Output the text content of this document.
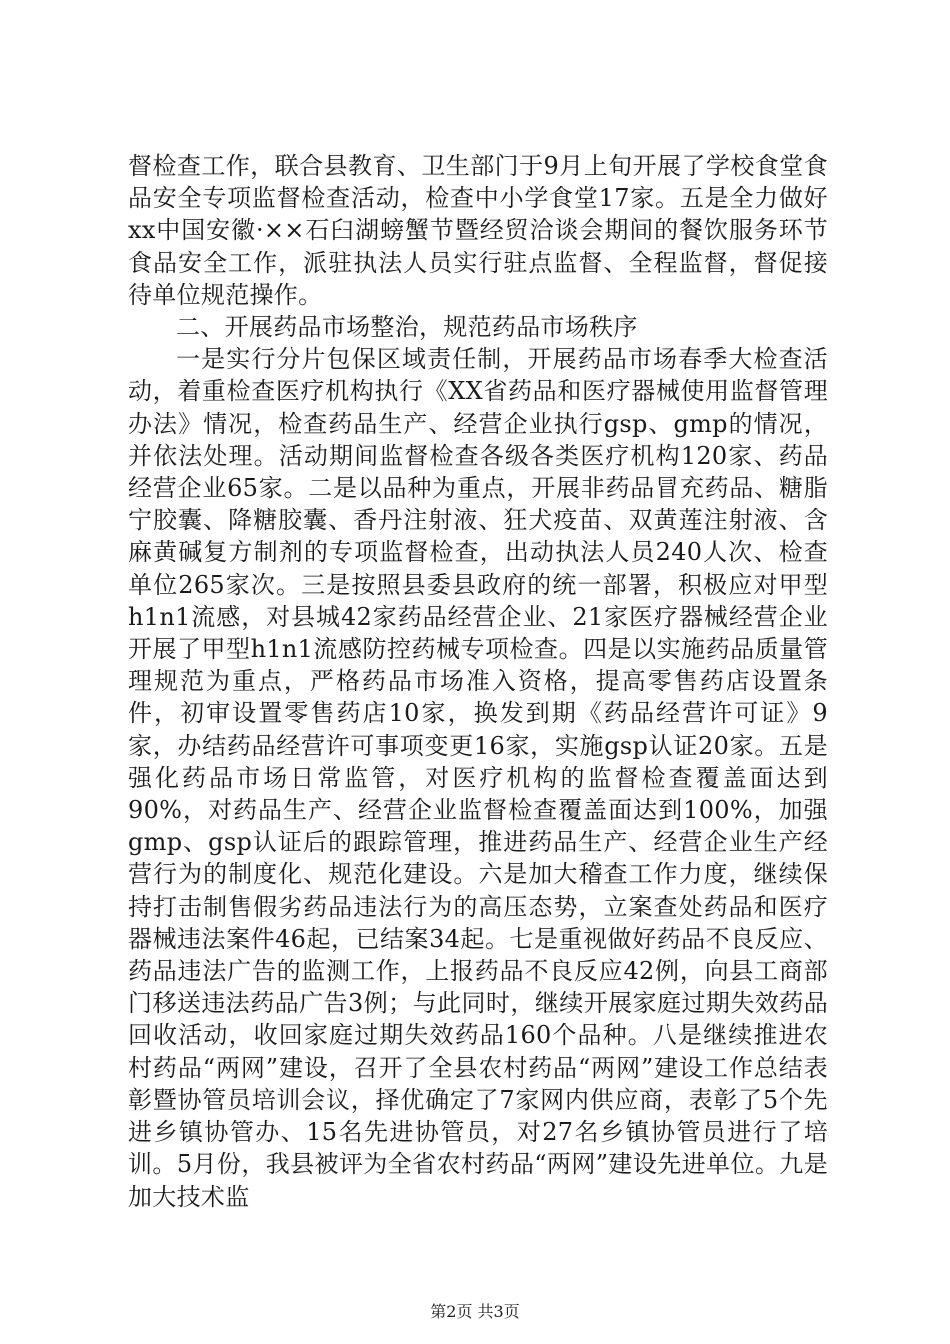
督检查工作，联合县教育、卫生部门于9月上旬开展了学校食堂食品安全专项监督检查活动，检查中小学食堂17家。五是全力做好xx中国安徽·××石臼湖螃蟹节暨经贸洽谈会期间的餐饮服务环节食品安全工作，派驻执法人员实行驻点监督、全程监督，督促接待单位规范操作。

二、开展药品市场整治，规范药品市场秩序

一是实行分片包保区域责任制，开展药品市场春季大检查活动，着重检查医疗机构执行《XX省药品和医疗器械使用监督管理办法》情况，检查药品生产、经营企业执行gsp、gmp的情况，并依法处理。活动期间监督检查各级各类医疗机构120家、药品经营企业65家。二是以品种为重点，开展非药品冒充药品、糖脂宁胶囊、降糖胶囊、香丹注射液、狂犬疫苗、双黄莲注射液、含麻黄碱复方制剂的专项监督检查，出动执法人员240人次、检查单位265家次。三是按照县委县政府的统一部署，积极应对甲型h1n1流感，对县城42家药品经营企业、21家医疗器械经营企业开展了甲型h1n1流感防控药械专项检查。四是以实施药品质量管理规范为重点，严格药品市场准入资格，提高零售药店设置条件，初审设置零售药店10家，换发到期《药品经营许可证》9家，办结药品经营许可事项变更16家，实施gsp认证20家。五是强化药品市场日常监管，对医疗机构的监督检查覆盖面达到90%，对药品生产、经营企业监督检查覆盖面达到100%，加强gmp、gsp认证后的跟踪管理，推进药品生产、经营企业生产经营行为的制度化、规范化建设。六是加大稽查工作力度，继续保持打击制售假劣药品违法行为的高压态势，立案查处药品和医疗器械违法案件46起，已结案34起。七是重视做好药品不良反应、药品违法广告的监测工作，上报药品不良反应42例，向县工商部门移送违法药品广告3例；与此同时，继续开展家庭过期失效药品回收活动，收回家庭过期失效药品160个品种。八是继续推进农村药品“两网”建设，召开了全县农村药品“两网”建设工作总结表彰暨协管员培训会议，择优确定了7家网内供应商，表彰了5个先进乡镇协管办、15名先进协管员，对27名乡镇协管员进行了培训。5月份，我县被评为全省农村药品“两网”建设先进单位。九是加大技术监

第2页 共3页
